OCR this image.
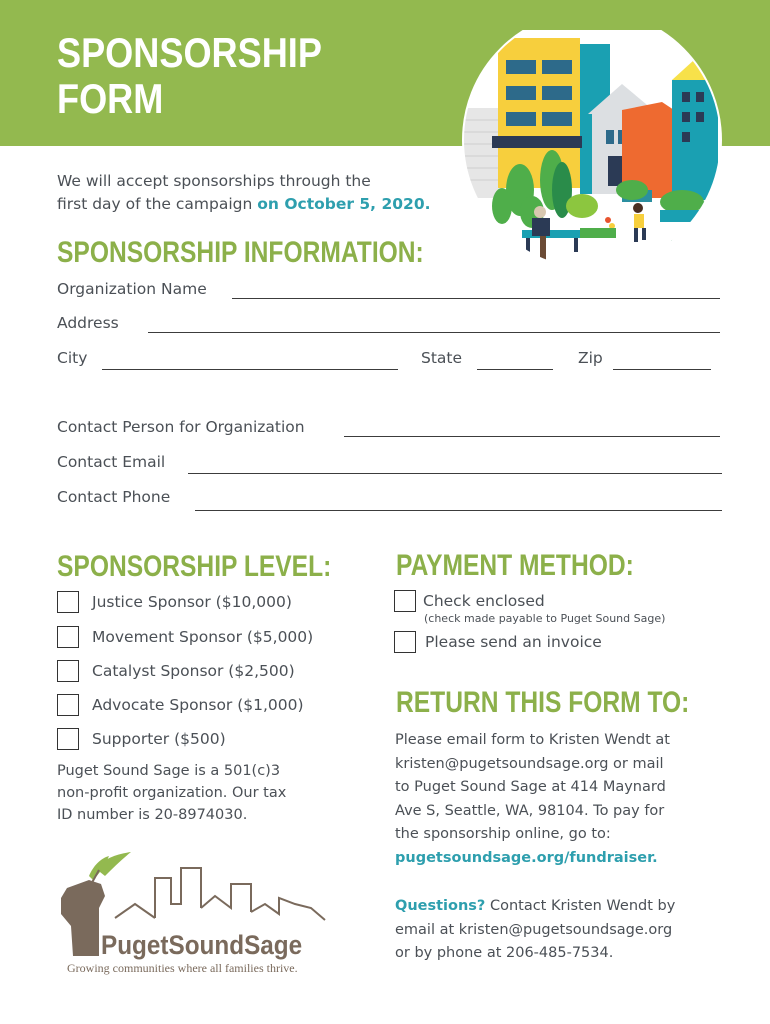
SPONSORSHIP
FORM
We will accept sponsorships through the
first day of the campaign on October 5, 2020.
SPONSORSHIP INFORMATION:
Organization Name
Address
City	State	Zip
Contact Person for Organization
Contact Email
Contact Phone
SPONSORSHIP LEVEL:
Justice Sponsor ($10,000)
Movement Sponsor ($5,000)
Catalyst Sponsor ($2,500)
Advocate Sponsor ($1,000)
Supporter ($500)
Puget Sound Sage is a 501(c)3
non-profit organization. Our tax
ID number is 20-8974030.
PAYMENT METHOD:
Check enclosed
(check made payable to Puget Sound Sage)
Please send an invoice
RETURN THIS FORM TO:
Please email form to Kristen Wendt at
kristen@pugetsoundsage.org or mail
to Puget Sound Sage at 414 Maynard
Ave S, Seattle, WA, 98104. To pay for
the sponsorship online, go to:
pugetsoundsage.org/fundraiser.
Questions? Contact Kristen Wendt by
email at kristen@pugetsoundsage.org
or by phone at 206-485-7534.
PugetSoundSage
Growing communities where all families thrive.
